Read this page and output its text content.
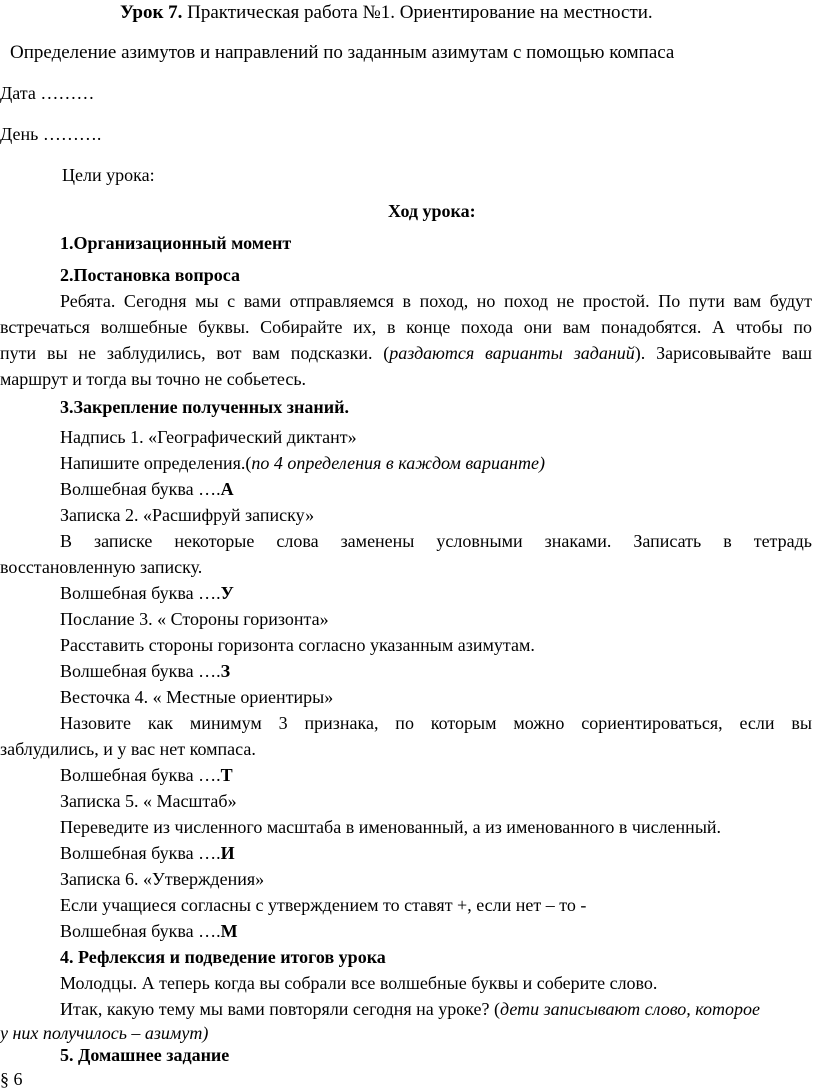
Урок 7. Практическая работа №1. Ориентирование на местности.
Определение азимутов и направлений по заданным азимутам с помощью компаса
Дата ………
День ……….
Цели урока:
Ход урока:
1.Организационный момент
2.Постановка вопроса
Ребята. Сегодня мы с вами отправляемся в поход, но поход не простой. По пути вам будут
встречаться волшебные буквы. Собирайте их, в конце похода они вам понадобятся. А чтобы по
пути вы не заблудились, вот вам подсказки. (раздаются варианты заданий). Зарисовывайте ваш
маршрут и тогда вы точно не собьетесь.
3.Закрепление полученных знаний.
Надпись 1. «Географический диктант»
Напишите определения.(по 4 определения в каждом варианте)
Волшебная буква ….А
Записка 2. «Расшифруй записку»
В записке некоторые слова заменены условными знаками. Записать в тетрадь
восстановленную записку.
Волшебная буква ….У
Послание 3. « Стороны горизонта»
Расставить стороны горизонта согласно указанным азимутам.
Волшебная буква ….З
Весточка 4. « Местные ориентиры»
Назовите как минимум 3 признака, по которым можно сориентироваться, если вы
заблудились, и у вас нет компаса.
Волшебная буква ….Т
Записка 5. « Масштаб»
Переведите из численного масштаба в именованный, а из именованного в численный.
Волшебная буква ….И
Записка 6. «Утверждения»
Если учащиеся согласны с утверждением то ставят +, если нет – то -
Волшебная буква ….М
4. Рефлексия и подведение итогов урока
Молодцы. А теперь когда вы собрали все волшебные буквы и соберите слово.
Итак, какую тему мы вами повторяли сегодня на уроке? (дети записывают слово, которое
у них получилось – азимут)
5. Домашнее задание
§ 6
